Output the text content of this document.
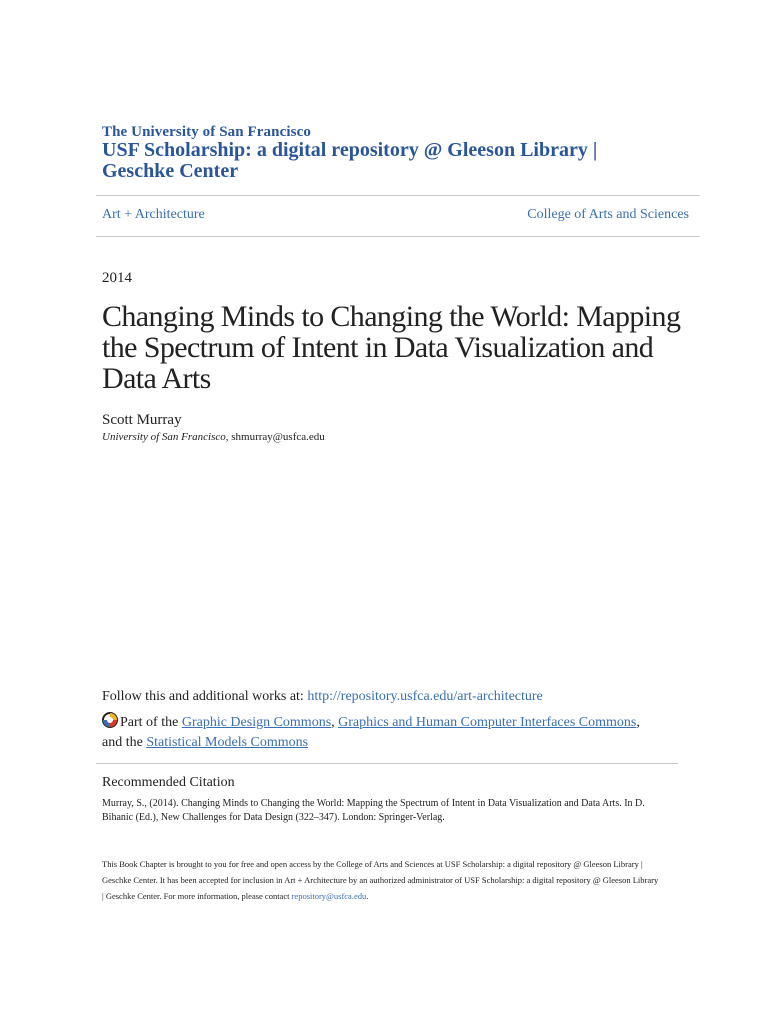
The University of San Francisco
USF Scholarship: a digital repository @ Gleeson Library | Geschke Center
Art + Architecture	College of Arts and Sciences
2014
Changing Minds to Changing the World: Mapping the Spectrum of Intent in Data Visualization and Data Arts
Scott Murray
University of San Francisco, shmurray@usfca.edu
Follow this and additional works at: http://repository.usfca.edu/art-architecture
Part of the Graphic Design Commons, Graphics and Human Computer Interfaces Commons,
and the Statistical Models Commons
Recommended Citation
Murray, S., (2014). Changing Minds to Changing the World: Mapping the Spectrum of Intent in Data Visualization and Data Arts. In D. Bihanic (Ed.), New Challenges for Data Design (322–347). London: Springer-Verlag.
This Book Chapter is brought to you for free and open access by the College of Arts and Sciences at USF Scholarship: a digital repository @ Gleeson Library | Geschke Center. It has been accepted for inclusion in Art + Architecture by an authorized administrator of USF Scholarship: a digital repository @ Gleeson Library | Geschke Center. For more information, please contact repository@usfca.edu.
